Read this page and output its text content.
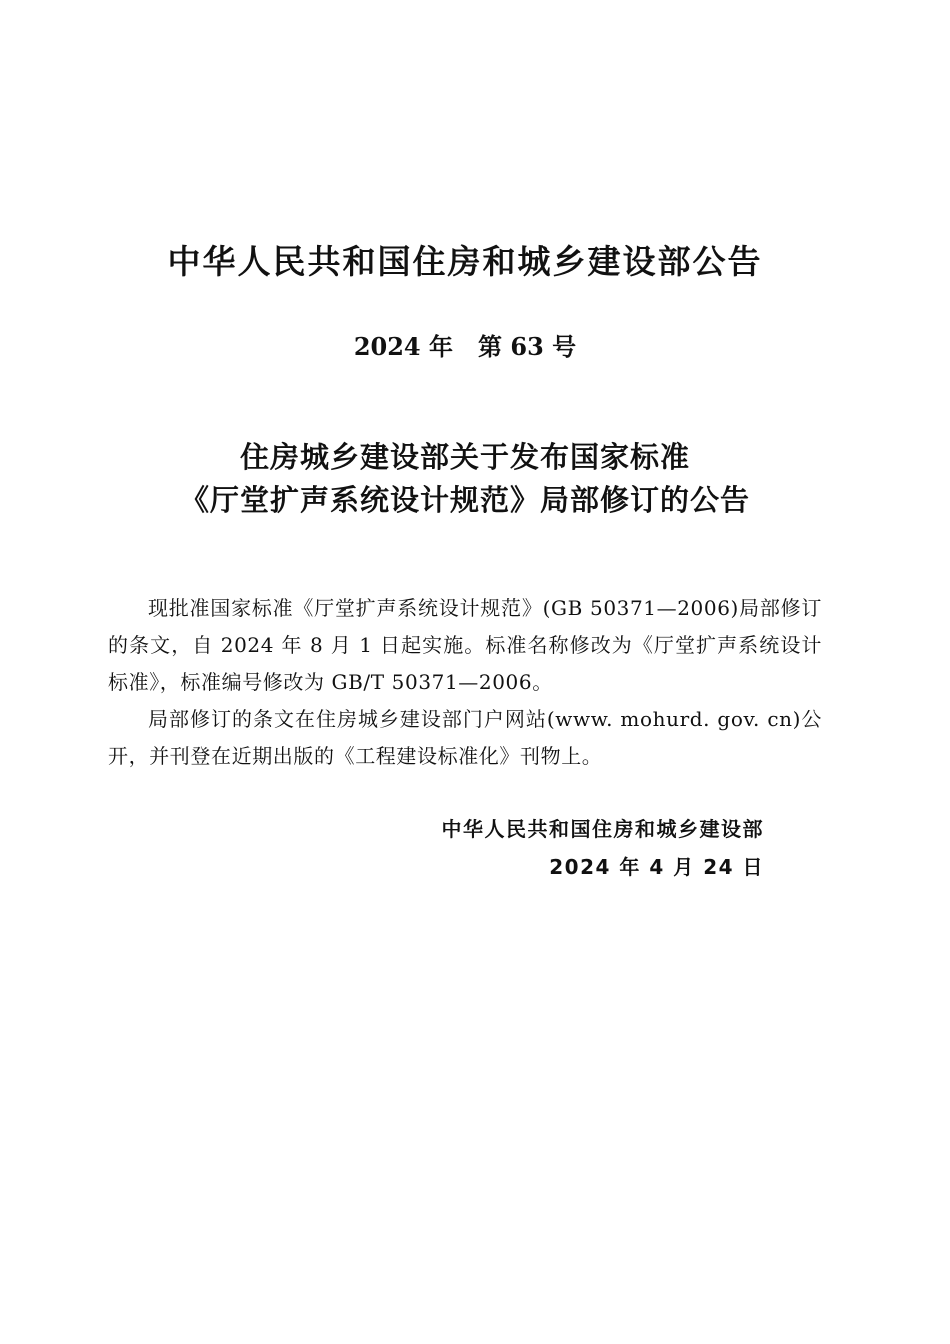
中华人民共和国住房和城乡建设部公告
2024 年   第 63 号
住房城乡建设部关于发布国家标准
《厅堂扩声系统设计规范》局部修订的公告

现批准国家标准《厅堂扩声系统设计规范》(GB 50371—2006)局部修订的条文，自 2024 年 8 月 1 日起实施。标准名称修改为《厅堂扩声系统设计标准》，标准编号修改为 GB/T 50371—2006。

局部修订的条文在住房城乡建设部门户网站(www. mohurd. gov. cn)公开，并刊登在近期出版的《工程建设标准化》刊物上。

中华人民共和国住房和城乡建设部
2024 年 4 月 24 日
